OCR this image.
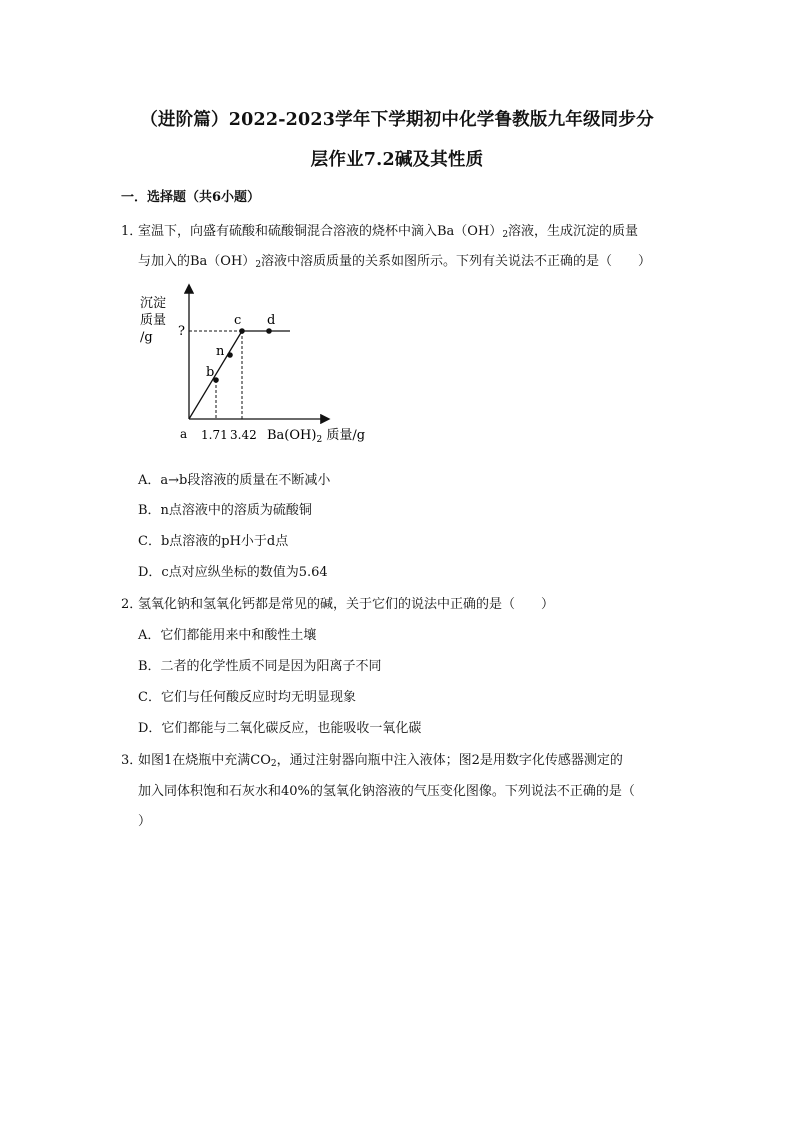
（进阶篇）2022-2023学年下学期初中化学鲁教版九年级同步分
层作业7.2碱及其性质
一．选择题（共6小题）
1．
室温下，向盛有硫酸和硫酸铜混合溶液的烧杯中滴入$Ba(OH)_2$溶液，生成沉淀的质量
与加入的$Ba(OH)_2$溶液中溶质质量的关系如图所示。下列有关说法不正确的是（　　）
b
n
c d
?
沉淀
质量
/g
a 1.71 3.42 $Ba(OH)_2$ 质量/g
A．a→b段溶液的质量在不断减小
B．n点溶液中的溶质为硫酸铜
C．b点溶液的pH小于d点
D．c点对应纵坐标的数值为5.64
2．
氢氧化钠和氢氧化钙都是常见的碱，关于它们的说法中正确的是（　　）
A．它们都能用来中和酸性土壤
B．二者的化学性质不同是因为阳离子不同
C．它们与任何酸反应时均无明显现象
D．它们都能与二氧化碳反应，也能吸收一氧化碳
3．
如图1在烧瓶中充满$CO_2$，通过注射器向瓶中注入液体；图2是用数字化传感器测定的
加入同体积饱和石灰水和40%的氢氧化钠溶液的气压变化图像。下列说法不正确的是（
）
